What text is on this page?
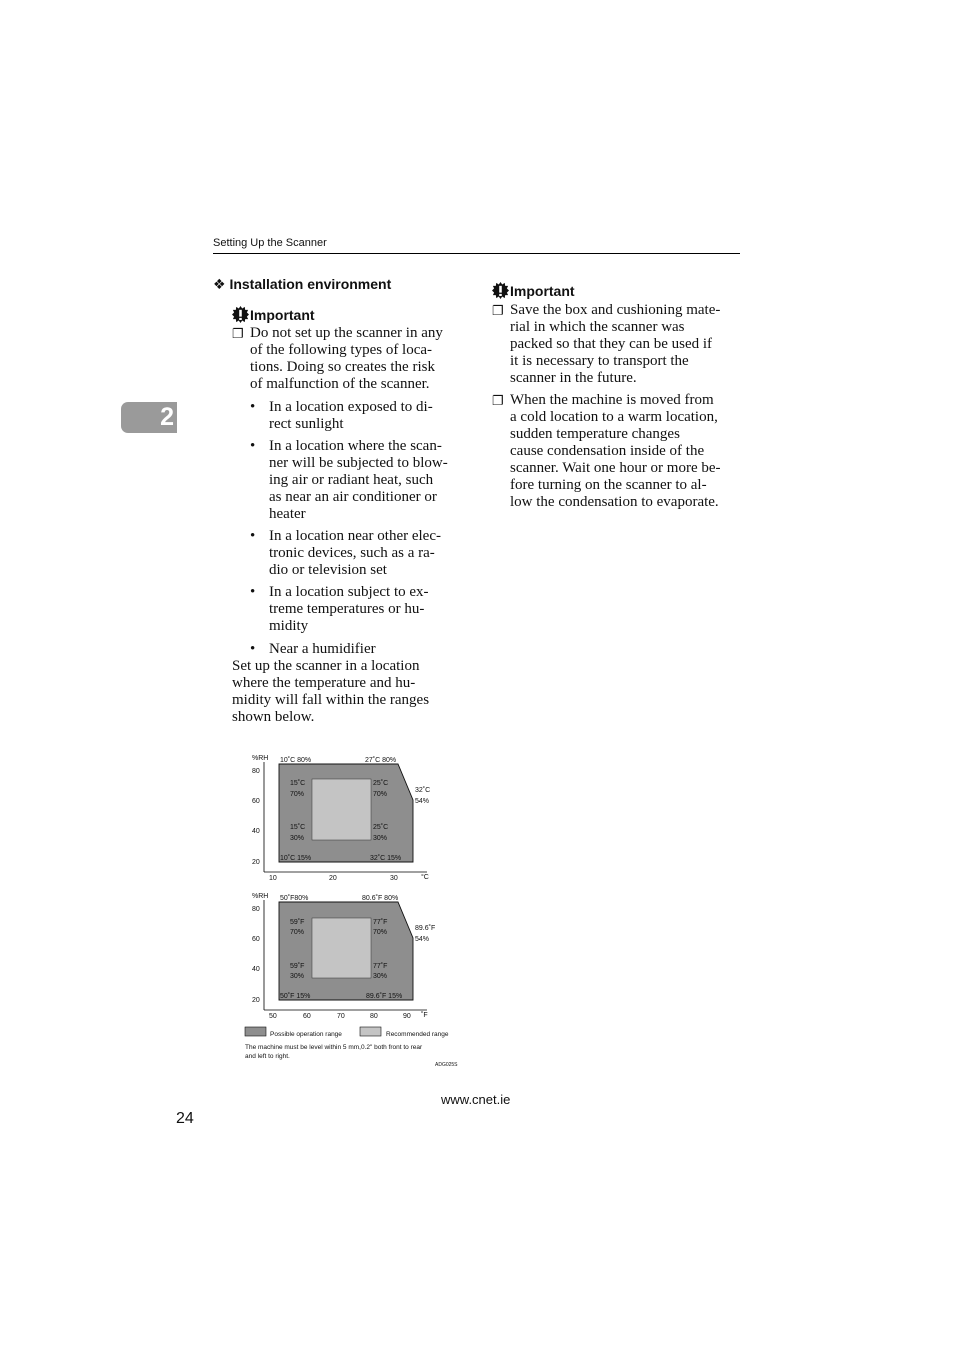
Setting Up the Scanner
2
❖ Installation environment
Important
❐ Do not set up the scanner in any
of the following types of loca-
tions. Doing so creates the risk
of malfunction of the scanner.
• In a location exposed to di-
rect sunlight
• In a location where the scan-
ner will be subjected to blow-
ing air or radiant heat, such
as near an air conditioner or
heater
• In a location near other elec-
tronic devices, such as a ra-
dio or television set
• In a location subject to ex-
treme temperatures or hu-
midity
• Near a humidifier
Set up the scanner in a location
where the temperature and hu-
midity will fall within the ranges
shown below.
Important
❐ Save the box and cushioning mate-
rial in which the scanner was
packed so that they can be used if
it is necessary to transport the
scanner in the future.
❐ When the machine is moved from
a cold location to a warm location,
sudden temperature changes
cause condensation inside of the
scanner. Wait one hour or more be-
fore turning on the scanner to al-
low the condensation to evaporate.
%RH
80
60
40
20
10˚C 80%	27˚C 80%
32˚C
54%
15˚C
70%
25˚C
70%
15˚C
30%
25˚C
30%
10˚C 15%	32˚C 15%
10	20	30	°C
%RH
80
60
40
20
50˚F80%	80.6˚F 80%
89.6˚F
54%
59˚F
70%
77˚F
70%
59˚F
30%
77˚F
30%
50˚F 15%	89.6˚F 15%
50	60	70	80	90 ˚F
Possible operation range	Recommended range
The machine must be level within 5 mm,0.2" both front to rear
and left to right.
ADG025S
www.cnet.ie
24
